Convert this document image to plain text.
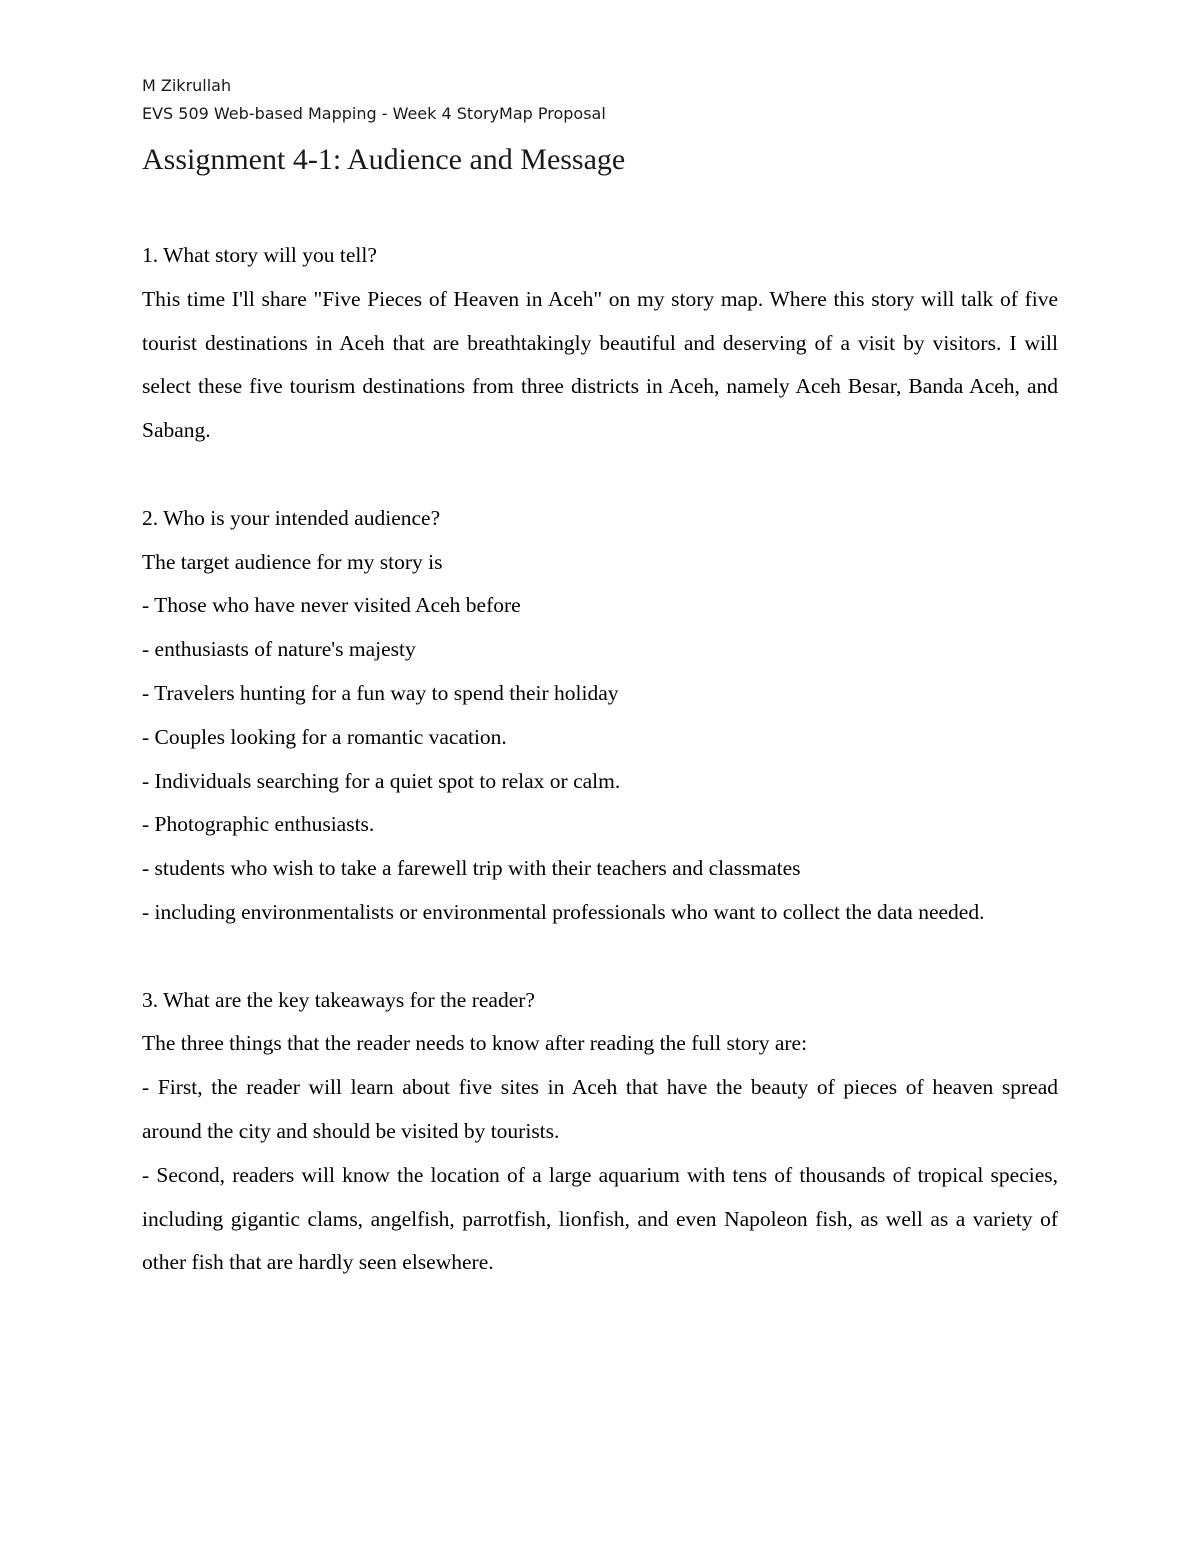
M Zikrullah
EVS 509 Web-based Mapping - Week 4 StoryMap Proposal
Assignment 4-1: Audience and Message

1. What story will you tell?

This time I'll share "Five Pieces of Heaven in Aceh" on my story map. Where this story will talk of five tourist destinations in Aceh that are breathtakingly beautiful and deserving of a visit by visitors. I will select these five tourism destinations from three districts in Aceh, namely Aceh Besar, Banda Aceh, and Sabang.

2. Who is your intended audience?

The target audience for my story is

- Those who have never visited Aceh before

- enthusiasts of nature's majesty

- Travelers hunting for a fun way to spend their holiday

- Couples looking for a romantic vacation.

- Individuals searching for a quiet spot to relax or calm.

- Photographic enthusiasts.

- students who wish to take a farewell trip with their teachers and classmates

- including environmentalists or environmental professionals who want to collect the data needed.

3. What are the key takeaways for the reader?

The three things that the reader needs to know after reading the full story are:

- First, the reader will learn about five sites in Aceh that have the beauty of pieces of heaven spread around the city and should be visited by tourists.

- Second, readers will know the location of a large aquarium with tens of thousands of tropical species, including gigantic clams, angelfish, parrotfish, lionfish, and even Napoleon fish, as well as a variety of other fish that are hardly seen elsewhere.
